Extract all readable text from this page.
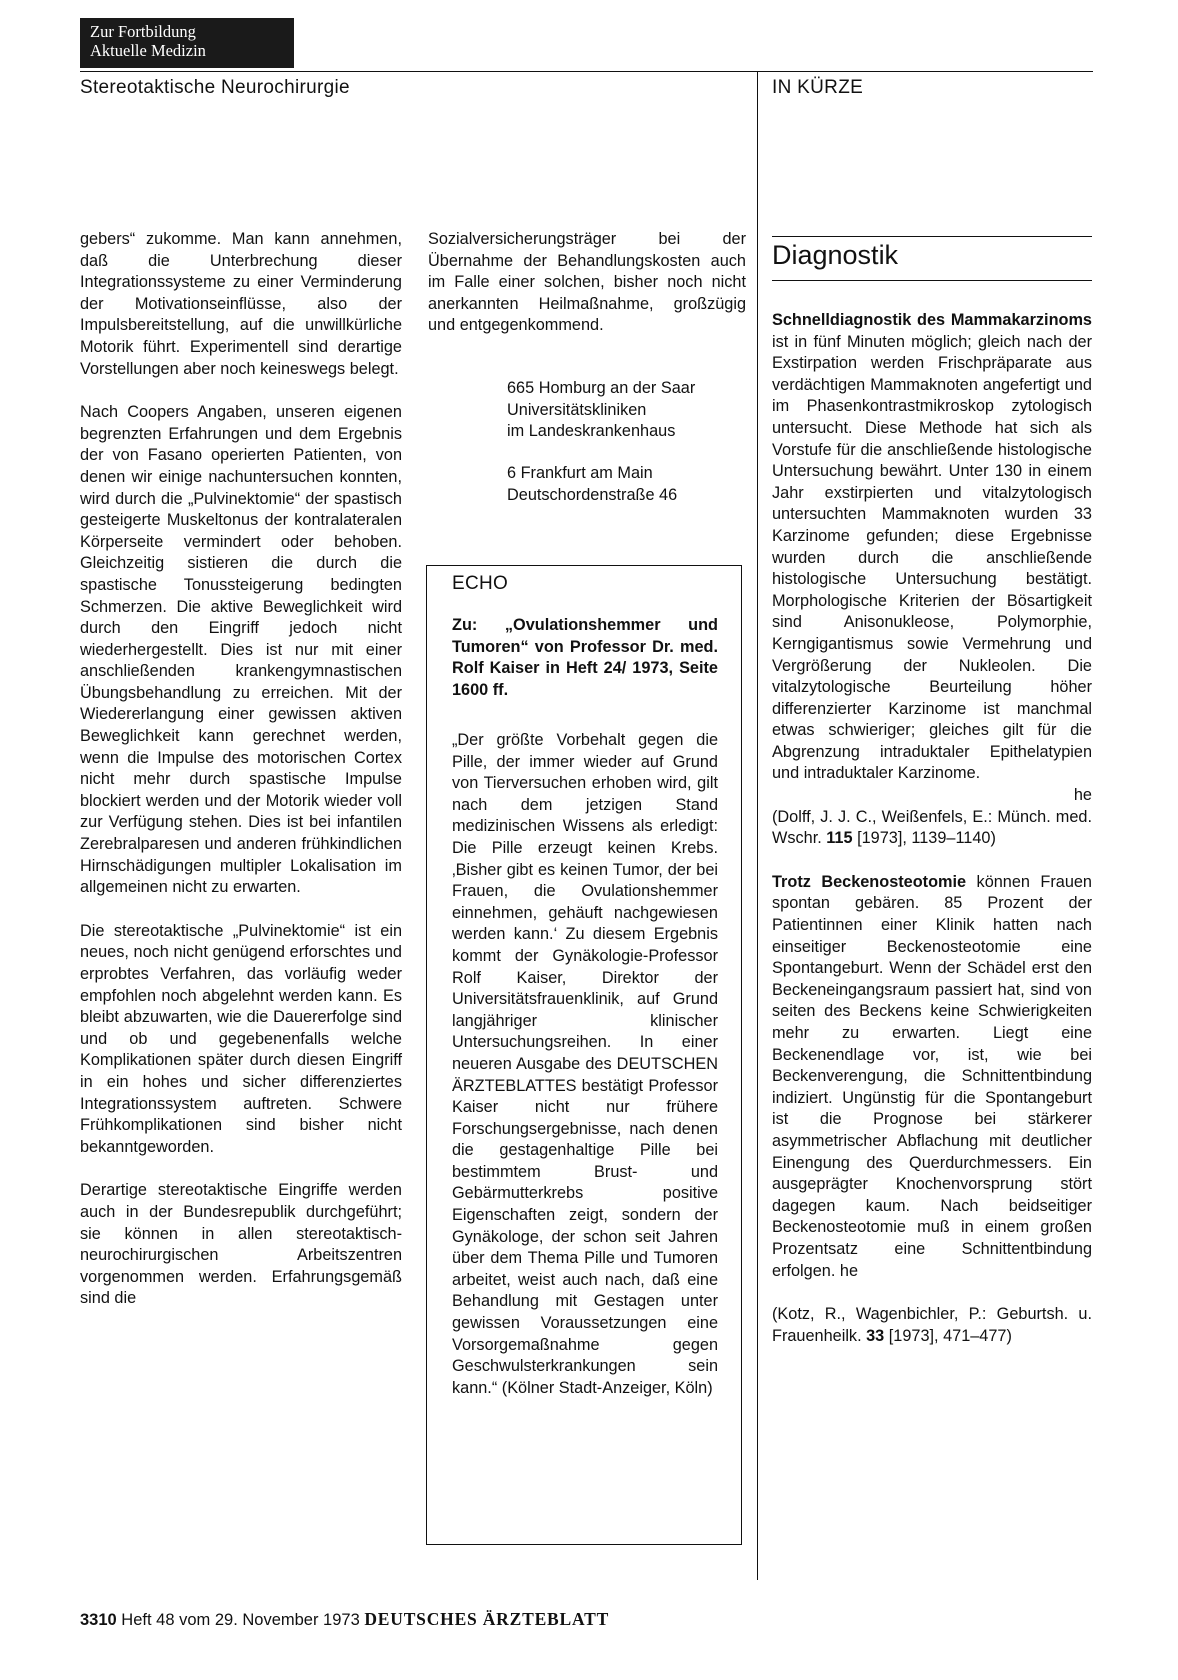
Zur Fortbildung
Aktuelle Medizin
Stereotaktische Neurochirurgie	IN KÜRZE

gebers“ zukomme. Man kann annehmen, daß die Unterbrechung dieser Integrationssysteme zu einer Verminderung der Motivationseinflüsse, also der Impulsbereitstellung, auf die unwillkürliche Motorik führt. Experimentell sind derartige Vorstellungen aber noch keineswegs belegt.

Nach Coopers Angaben, unseren eigenen begrenzten Erfahrungen und dem Ergebnis der von Fasano operierten Patienten, von denen wir einige nachuntersuchen konnten, wird durch die „Pulvinektomie“ der spastisch gesteigerte Muskeltonus der kontralateralen Körperseite vermindert oder behoben. Gleichzeitig sistieren die durch die spastische Tonussteigerung bedingten Schmerzen. Die aktive Beweglichkeit wird durch den Eingriff jedoch nicht wiederhergestellt. Dies ist nur mit einer anschließenden krankengymnastischen Übungsbehandlung zu erreichen. Mit der Wiedererlangung einer gewissen aktiven Beweglichkeit kann gerechnet werden, wenn die Impulse des motorischen Cortex nicht mehr durch spastische Impulse blockiert werden und der Motorik wieder voll zur Verfügung stehen. Dies ist bei infantilen Zerebralparesen und anderen frühkindlichen Hirnschädigungen multipler Lokalisation im allgemeinen nicht zu erwarten.

Die stereotaktische „Pulvinektomie“ ist ein neues, noch nicht genügend erforschtes und erprobtes Verfahren, das vorläufig weder empfohlen noch abgelehnt werden kann. Es bleibt abzuwarten, wie die Dauererfolge sind und ob und gegebenenfalls welche Komplikationen später durch diesen Eingriff in ein hohes und sicher differenziertes Integrationssystem auftreten. Schwere Frühkomplikationen sind bisher nicht bekanntgeworden.

Derartige stereotaktische Eingriffe werden auch in der Bundesrepublik durchgeführt; sie können in allen stereotaktisch-neurochirurgischen Arbeitszentren vorgenommen werden. Erfahrungsgemäß sind die

Sozialversicherungsträger bei der Übernahme der Behandlungskosten auch im Falle einer solchen, bisher noch nicht anerkannten Heilmaßnahme, großzügig und entgegenkommend.

665 Homburg an der Saar
Universitätskliniken
im Landeskrankenhaus
6 Frankfurt am Main
Deutschordenstraße 46
ECHO
Zu: „Ovulationshemmer und Tumoren“ von Professor Dr. med. Rolf Kaiser in Heft 24/ 1973, Seite 1600 ff.
„Der größte Vorbehalt gegen die Pille, der immer wieder auf Grund von Tierversuchen erhoben wird, gilt nach dem jetzigen Stand medizinischen Wissens als erledigt: Die Pille erzeugt keinen Krebs. ‚Bisher gibt es keinen Tumor, der bei Frauen, die Ovulationshemmer einnehmen, gehäuft nachgewiesen werden kann.‘ Zu diesem Ergebnis kommt der Gynäkologie-Professor Rolf Kaiser, Direktor der Universitätsfrauenklinik, auf Grund langjähriger klinischer Untersuchungsreihen. In einer neueren Ausgabe des DEUTSCHEN ÄRZTEBLATTES bestätigt Professor Kaiser nicht nur frühere Forschungsergebnisse, nach denen die gestagenhaltige Pille bei bestimmtem Brust- und Gebärmutterkrebs positive Eigenschaften zeigt, sondern der Gynäkologe, der schon seit Jahren über dem Thema Pille und Tumoren arbeitet, weist auch nach, daß eine Behandlung mit Gestagen unter gewissen Voraussetzungen eine Vorsorgemaßnahme gegen Geschwulsterkrankungen sein kann.“ (Kölner Stadt-Anzeiger, Köln)
Diagnostik

Schnelldiagnostik des Mammakarzinoms ist in fünf Minuten möglich; gleich nach der Exstirpation werden Frischpräparate aus verdächtigen Mammaknoten angefertigt und im Phasenkontrastmikroskop zytologisch untersucht. Diese Methode hat sich als Vorstufe für die anschließende histologische Untersuchung bewährt. Unter 130 in einem Jahr exstirpierten und vitalzytologisch untersuchten Mammaknoten wurden 33 Karzinome gefunden; diese Ergebnisse wurden durch die anschließende histologische Untersuchung bestätigt. Morphologische Kriterien der Bösartigkeit sind Anisonukleose, Polymorphie, Kerngigantismus sowie Vermehrung und Vergrößerung der Nukleolen. Die vitalzytologische Beurteilung höher differenzierter Karzinome ist manchmal etwas schwieriger; gleiches gilt für die Abgrenzung intraduktaler Epithelatypien und intraduktaler Karzinome.

he

(Dolff, J. J. C., Weißenfels, E.: Münch. med. Wschr. 115 [1973], 1139–1140)

Trotz Beckenosteotomie können Frauen spontan gebären. 85 Prozent der Patientinnen einer Klinik hatten nach einseitiger Beckenosteotomie eine Spontangeburt. Wenn der Schädel erst den Beckeneingangsraum passiert hat, sind von seiten des Beckens keine Schwierigkeiten mehr zu erwarten. Liegt eine Beckenendlage vor, ist, wie bei Beckenverengung, die Schnittentbindung indiziert. Ungünstig für die Spontangeburt ist die Prognose bei stärkerer asymmetrischer Abflachung mit deutlicher Einengung des Querdurchmessers. Ein ausgeprägter Knochenvorsprung stört dagegen kaum. Nach beidseitiger Beckenosteotomie muß in einem großen Prozentsatz eine Schnittentbindung erfolgen. he

(Kotz, R., Wagenbichler, P.: Geburtsh. u. Frauenheilk. 33 [1973], 471–477)

3310 Heft 48 vom 29. November 1973 DEUTSCHES ÄRZTEBLATT
